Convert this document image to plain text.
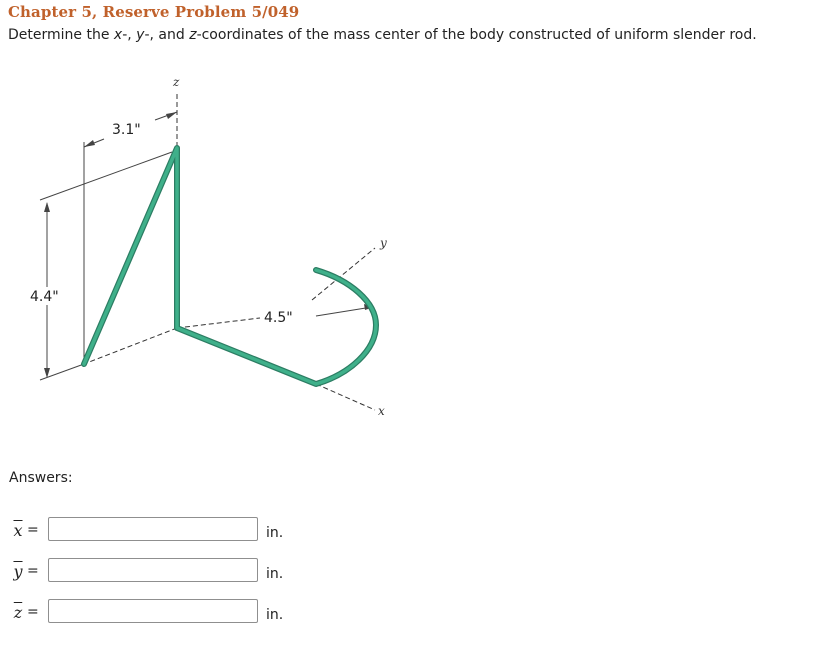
Chapter 5, Reserve Problem 5/049
Determine the x-, y-, and z-coordinates of the mass center of the body constructed of uniform slender rod.
z
y
x
3.1"
4.4"
4.5"
Answers:
$\overline{x}$ =	in.
$\overline{y}$ =	in.
$\overline{z}$ =	in.
